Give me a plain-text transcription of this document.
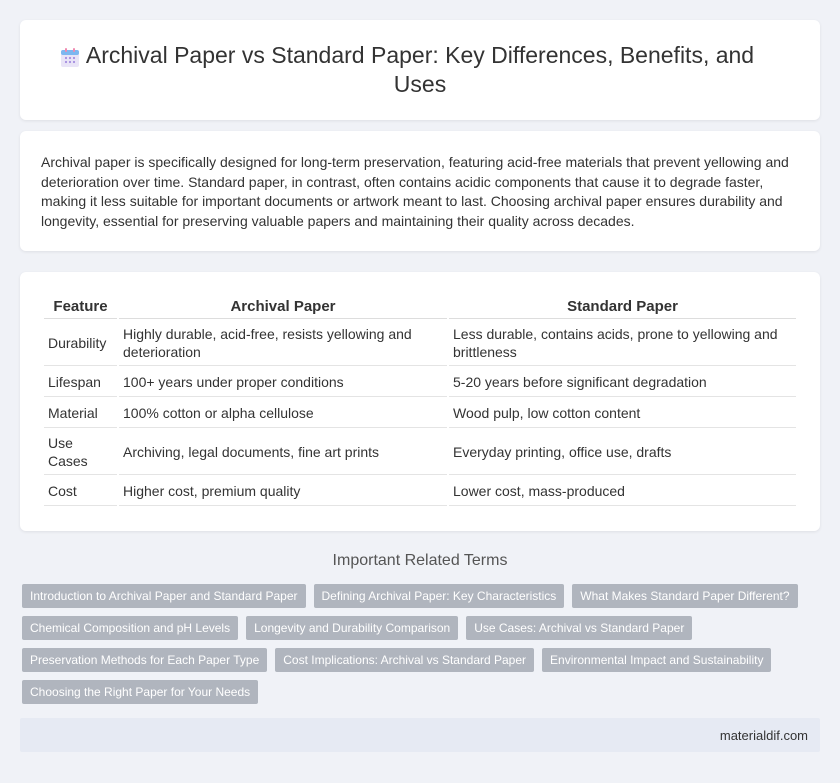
Archival Paper vs Standard Paper: Key Differences, Benefits, and Uses

Archival paper is specifically designed for long-term preservation, featuring acid-free materials that prevent yellowing and deterioration over time. Standard paper, in contrast, often contains acidic components that cause it to degrade faster, making it less suitable for important documents or artwork meant to last. Choosing archival paper ensures durability and longevity, essential for preserving valuable papers and maintaining their quality across decades.

Feature	Archival Paper	Standard Paper
Durability	Highly durable, acid-free, resists yellowing and deterioration	Less durable, contains acids, prone to yellowing and brittleness
Lifespan	100+ years under proper conditions	5-20 years before significant degradation
Material	100% cotton or alpha cellulose	Wood pulp, low cotton content
Use Cases	Archiving, legal documents, fine art prints	Everyday printing, office use, drafts
Cost	Higher cost, premium quality	Lower cost, mass-produced
Important Related Terms
Introduction to Archival Paper and Standard Paper	Defining Archival Paper: Key Characteristics	What Makes Standard Paper Different?
Chemical Composition and pH Levels	Longevity and Durability Comparison	Use Cases: Archival vs Standard Paper
Preservation Methods for Each Paper Type	Cost Implications: Archival vs Standard Paper	Environmental Impact and Sustainability
Choosing the Right Paper for Your Needs
materialdif.com
